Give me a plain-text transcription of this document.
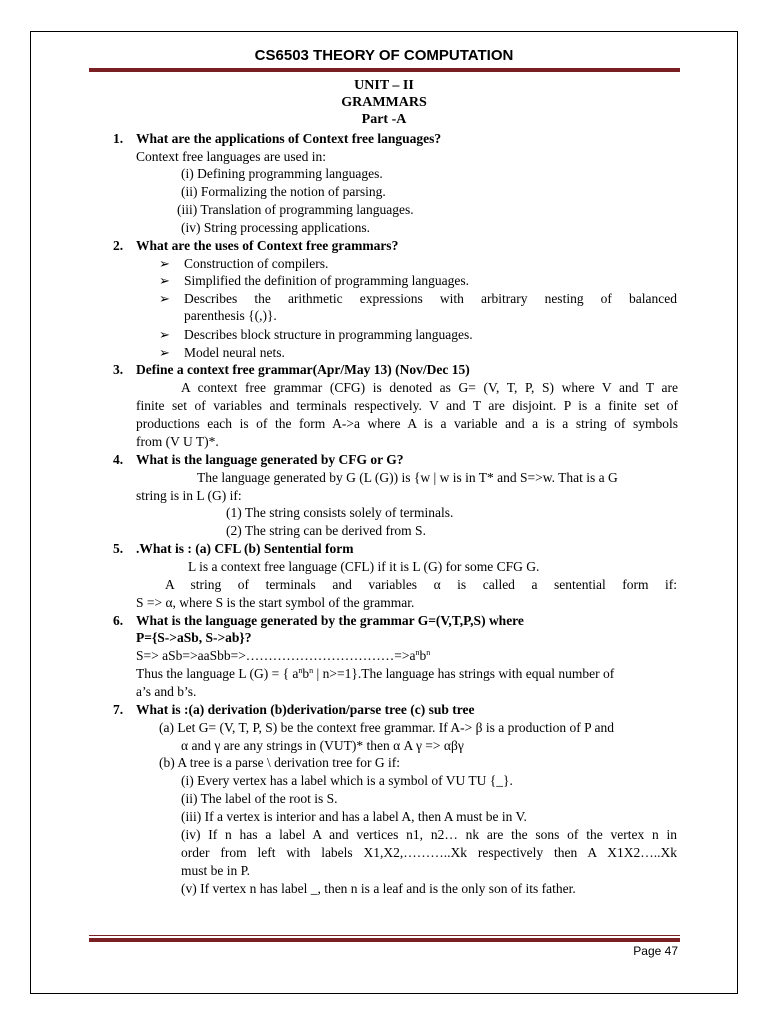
CS6503 THEORY OF COMPUTATION
UNIT – II
GRAMMARS
Part -A
1. What are the applications of Context free languages?
Context free languages are used in:
(i) Defining programming languages.
(ii) Formalizing the notion of parsing.
(iii) Translation of programming languages.
(iv) String processing applications.
2. What are the uses of Context free grammars?
➢ Construction of compilers.
➢ Simplified the definition of programming languages.
➢ Describes the arithmetic expressions with arbitrary nesting of balanced
parenthesis {(,)}.
➢ Describes block structure in programming languages.
➢ Model neural nets.
3. Define a context free grammar(Apr/May 13) (Nov/Dec 15)
A context free grammar (CFG) is denoted as G= (V, T, P, S) where V and T are
finite set of variables and terminals respectively. V and T are disjoint. P is a finite set of
productions each is of the form A->a where A is a variable and a is a string of symbols
from (V U T)*.
4. What is the language generated by CFG or G?
The language generated by G (L (G)) is {w | w is in T* and S=>w. That is a G
string is in L (G) if:
(1) The string consists solely of terminals.
(2) The string can be derived from S.
5. .What is : (a) CFL (b) Sentential form
L is a context free language (CFL) if it is L (G) for some CFG G.
A string of terminals and variables α is called a sentential form if:
S => α, where S is the start symbol of the grammar.
6. What is the language generated by the grammar G=(V,T,P,S) where
P={S->aSb, S->ab}?
$S=> aSb=>aaSbb=>\dots\dots\dots\dots\dots\dots\dots\dots\dots\dots\dots=>a^nb^n$
Thus the language L (G) = { $a^nb^n$ | n>=1}.The language has strings with equal number of
a’s and b’s.
7. What is :(a) derivation (b)derivation/parse tree (c) sub tree
(a) Let G= (V, T, P, S) be the context free grammar. If A-> β is a production of P and
α and γ are any strings in (VUT)* then α A γ => αβγ
(b) A tree is a parse \ derivation tree for G if:
(i) Every vertex has a label which is a symbol of VU TU {_}.
(ii) The label of the root is S.
(iii) If a vertex is interior and has a label A, then A must be in V.
(iv) If n has a label A and vertices n1, n2… nk are the sons of the vertex n in
order from left with labels X1,X2,………..Xk respectively then A X1X2…..Xk
must be in P.
(v) If vertex n has label _, then n is a leaf and is the only son of its father.
Page 47
